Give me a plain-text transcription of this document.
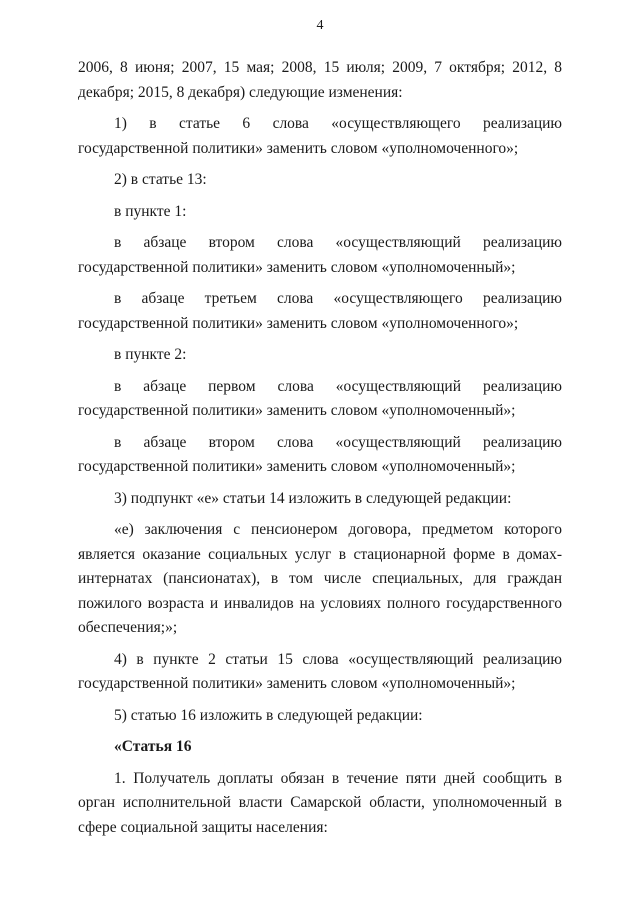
4

2006, 8 июня; 2007, 15 мая; 2008, 15 июля; 2009, 7 октября; 2012, 8 декабря; 2015, 8 декабря) следующие изменения:

1) в статье 6 слова «осуществляющего реализацию государственной политики» заменить словом «уполномоченного»;

2) в статье 13:

в пункте 1:

в абзаце втором слова «осуществляющий реализацию государственной политики» заменить словом «уполномоченный»;

в абзаце третьем слова «осуществляющего реализацию государственной политики» заменить словом «уполномоченного»;

в пункте 2:

в абзаце первом слова «осуществляющий реализацию государственной политики» заменить словом «уполномоченный»;

в абзаце втором слова «осуществляющий реализацию государственной политики» заменить словом «уполномоченный»;

3) подпункт «е» статьи 14 изложить в следующей редакции:

«е) заключения с пенсионером договора, предметом которого является оказание социальных услуг в стационарной форме в домах-интернатах (пансионатах), в том числе специальных, для граждан пожилого возраста и инвалидов на условиях полного государственного обеспечения;»;

4) в пункте 2 статьи 15 слова «осуществляющий реализацию государственной политики» заменить словом «уполномоченный»;

5) статью 16 изложить в следующей редакции:

«Статья 16

1. Получатель доплаты обязан в течение пяти дней сообщить в орган исполнительной власти Самарской области, уполномоченный в сфере социальной защиты населения:
